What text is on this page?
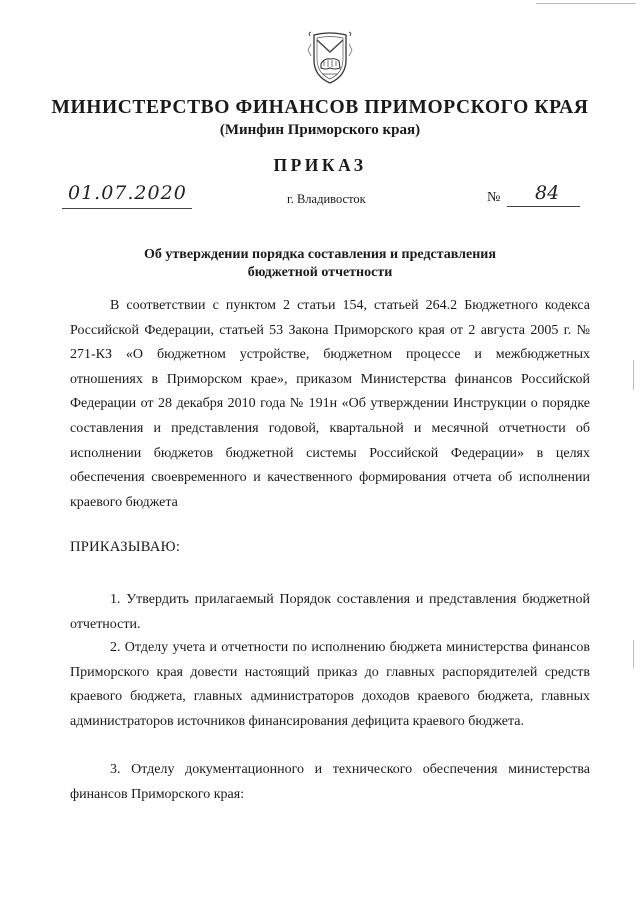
МИНИСТЕРСТВО ФИНАНСОВ ПРИМОРСКОГО КРАЯ
(Минфин Приморского края)
ПРИКАЗ
01.07.2020	г. Владивосток	№ 84
Об утверждении порядка составления и представления
бюджетной отчетности

В соответствии с пунктом 2 статьи 154, статьей 264.2 Бюджетного кодекса Российской Федерации, статьей 53 Закона Приморского края от 2 августа 2005 г. № 271-КЗ «О бюджетном устройстве, бюджетном процессе и межбюджетных отношениях в Приморском крае», приказом Министерства финансов Российской Федерации от 28 декабря 2010 года № 191н «Об утверждении Инструкции о порядке составления и представления годовой, квартальной и месячной отчетности об исполнении бюджетов бюджетной системы Российской Федерации» в целях обеспечения своевременного и качественного формирования отчета об исполнении краевого бюджета

ПРИКАЗЫВАЮ:

1. Утвердить прилагаемый Порядок составления и представления бюджетной отчетности.

2. Отделу учета и отчетности по исполнению бюджета министерства финансов Приморского края довести настоящий приказ до главных распорядителей средств краевого бюджета, главных администраторов доходов краевого бюджета, главных администраторов источников финансирования дефицита краевого бюджета.

3. Отделу документационного и технического обеспечения министерства финансов Приморского края:
